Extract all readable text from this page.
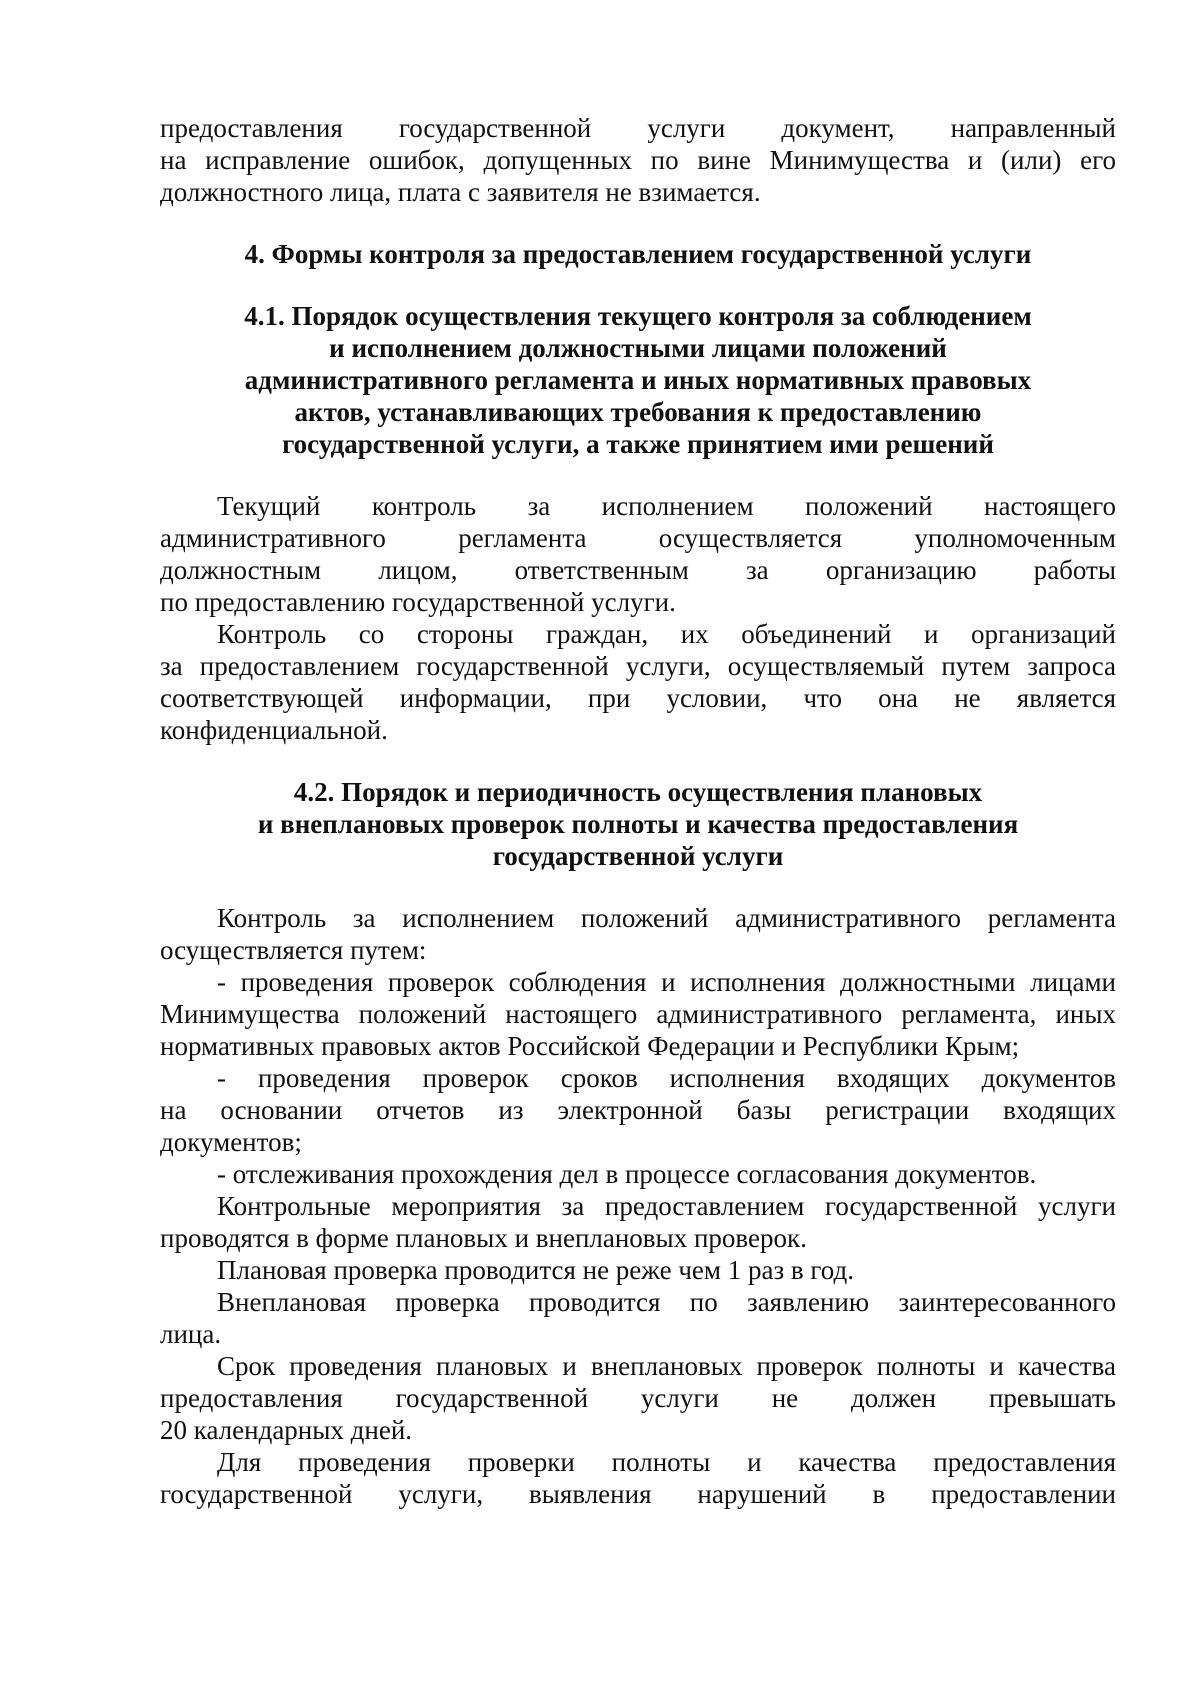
предоставления государственной услуги документ, направленный
на исправление ошибок, допущенных по вине Минимущества и (или) его
должностного лица, плата с заявителя не взимается.

4. Формы контроля за предоставлением государственной услуги
4.1. Порядок осуществления текущего контроля за соблюдением
и исполнением должностными лицами положений
административного регламента и иных нормативных правовых
актов, устанавливающих требования к предоставлению
государственной услуги, а также принятием ими решений

Текущий контроль за исполнением положений настоящего

административного регламента осуществляется уполномоченным
должностным лицом, ответственным за организацию работы
по предоставлению государственной услуги.

Контроль со стороны граждан, их объединений и организаций

за предоставлением государственной услуги, осуществляемый путем запроса
соответствующей информации, при условии, что она не является
конфиденциальной.

4.2. Порядок и периодичность осуществления плановых
и внеплановых проверок полноты и качества предоставления
государственной услуги

Контроль за исполнением положений административного регламента

осуществляется путем:

- проведения проверок соблюдения и исполнения должностными лицами

Минимущества положений настоящего административного регламента, иных
нормативных правовых актов Российской Федерации и Республики Крым;

- проведения проверок сроков исполнения входящих документов

на основании отчетов из электронной базы регистрации входящих
документов;

- отслеживания прохождения дел в процессе согласования документов.

Контрольные мероприятия за предоставлением государственной услуги

проводятся в форме плановых и внеплановых проверок.

Плановая проверка проводится не реже чем 1 раз в год.

Внеплановая проверка проводится по заявлению заинтересованного

лица.

Срок проведения плановых и внеплановых проверок полноты и качества

предоставления государственной услуги не должен превышать
20 календарных дней.

Для проведения проверки полноты и качества предоставления

государственной услуги, выявления нарушений в предоставлении
